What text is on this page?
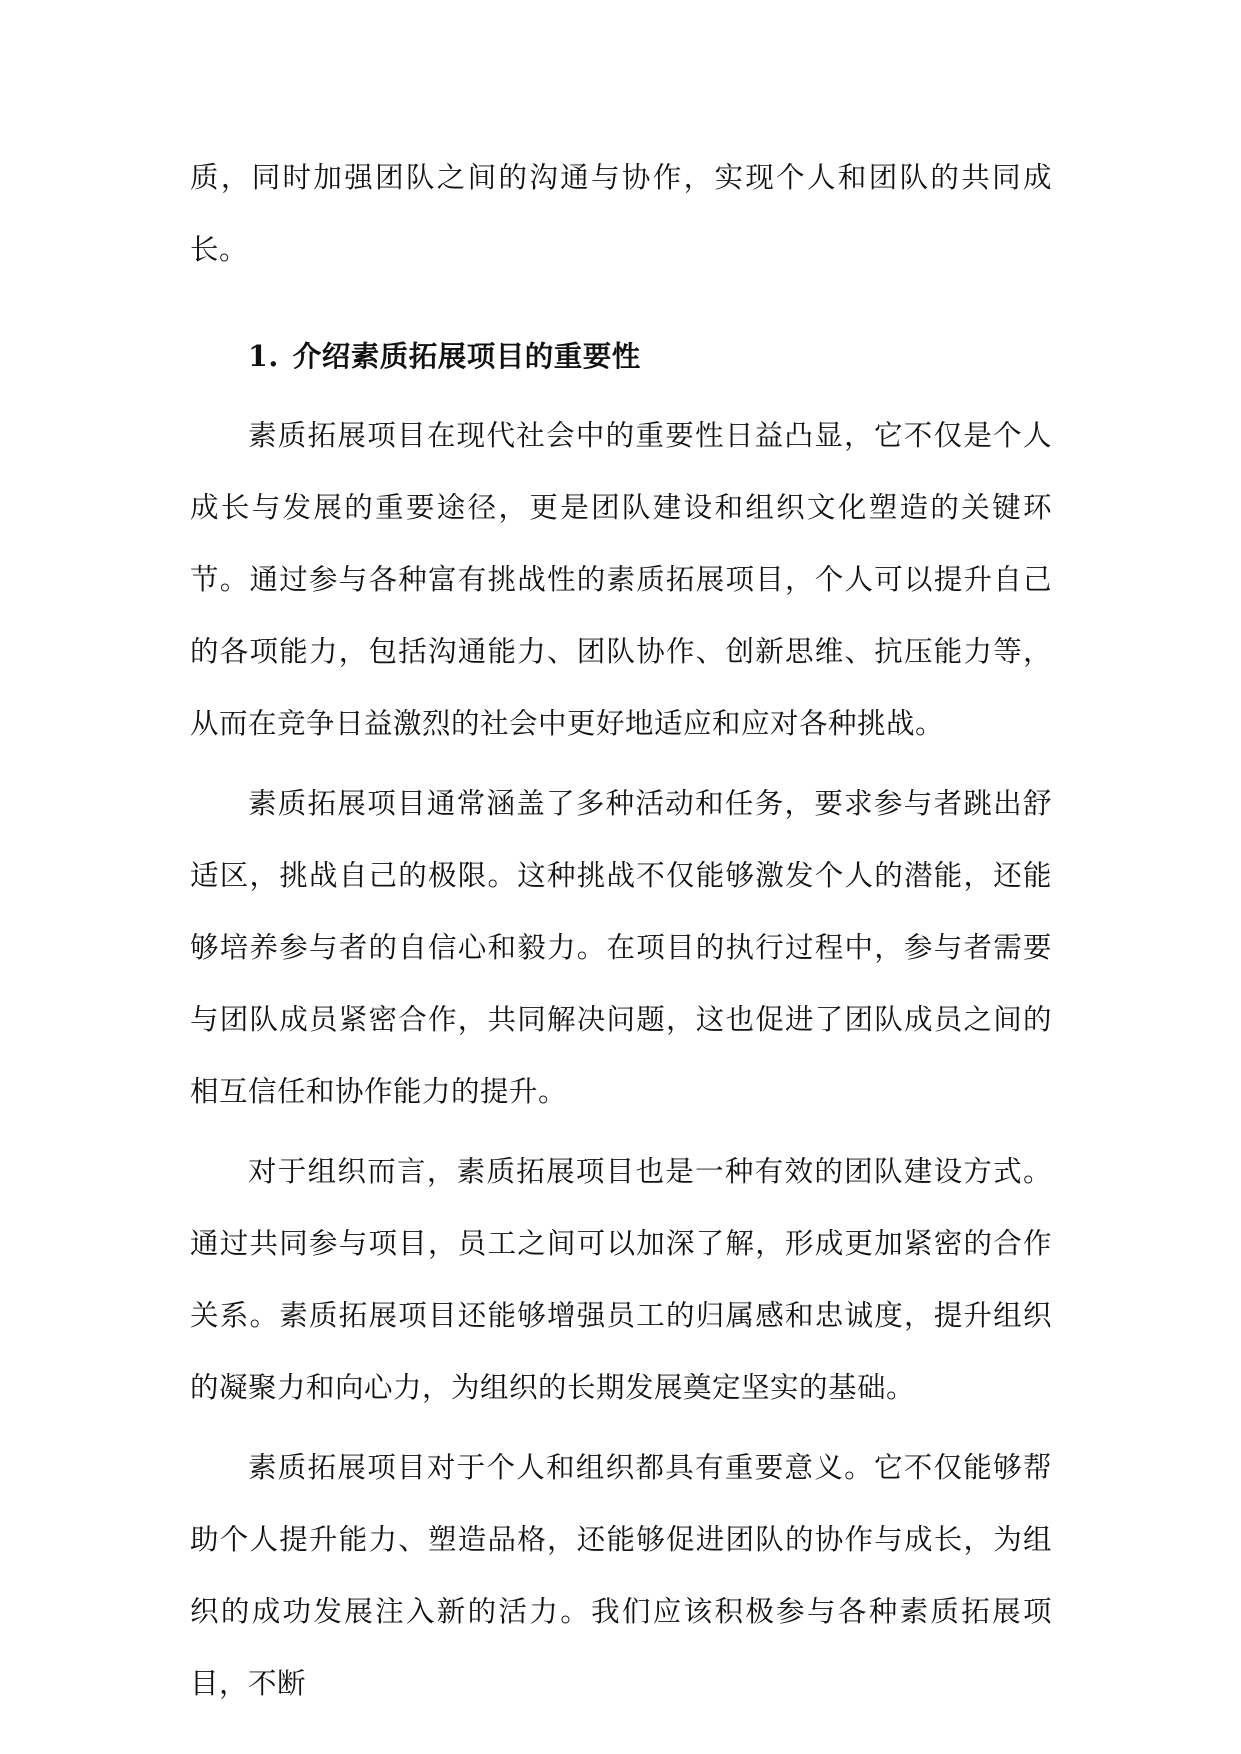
质，同时加强团队之间的沟通与协作，实现个人和团队的共同成长。

1. 介绍素质拓展项目的重要性

素质拓展项目在现代社会中的重要性日益凸显，它不仅是个人成长与发展的重要途径，更是团队建设和组织文化塑造的关键环节。通过参与各种富有挑战性的素质拓展项目，个人可以提升自己的各项能力，包括沟通能力、团队协作、创新思维、抗压能力等，从而在竞争日益激烈的社会中更好地适应和应对各种挑战。

素质拓展项目通常涵盖了多种活动和任务，要求参与者跳出舒适区，挑战自己的极限。这种挑战不仅能够激发个人的潜能，还能够培养参与者的自信心和毅力。在项目的执行过程中，参与者需要与团队成员紧密合作，共同解决问题，这也促进了团队成员之间的相互信任和协作能力的提升。

对于组织而言，素质拓展项目也是一种有效的团队建设方式。通过共同参与项目，员工之间可以加深了解，形成更加紧密的合作关系。素质拓展项目还能够增强员工的归属感和忠诚度，提升组织的凝聚力和向心力，为组织的长期发展奠定坚实的基础。

素质拓展项目对于个人和组织都具有重要意义。它不仅能够帮助个人提升能力、塑造品格，还能够促进团队的协作与成长，为组织的成功发展注入新的活力。我们应该积极参与各种素质拓展项目，不断
